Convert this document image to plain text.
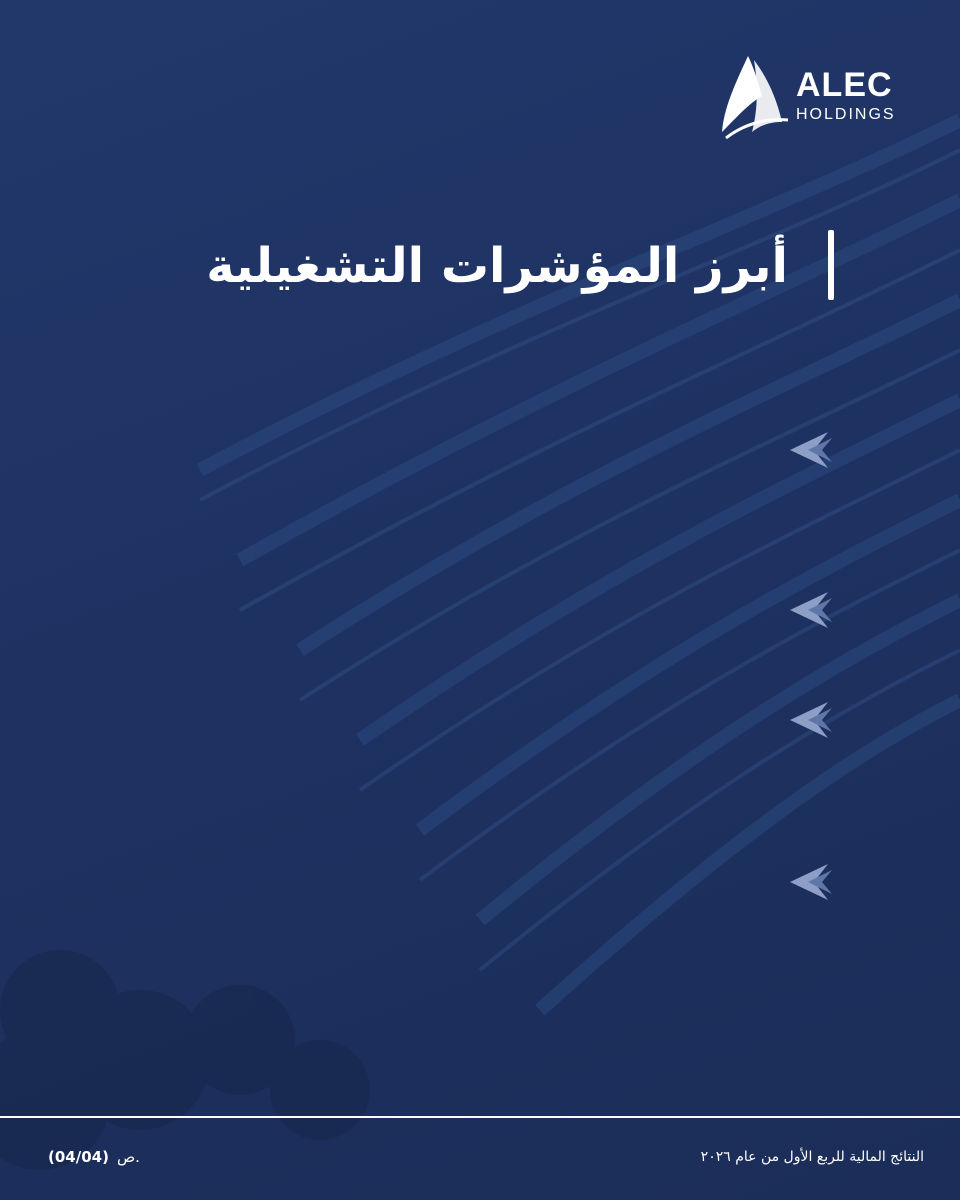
ALEC
HOLDINGS
أبرز المؤشرات التشغيلية
(04/04) ص.	النتائج المالية للربع الأول من عام ٢٠٢٦
